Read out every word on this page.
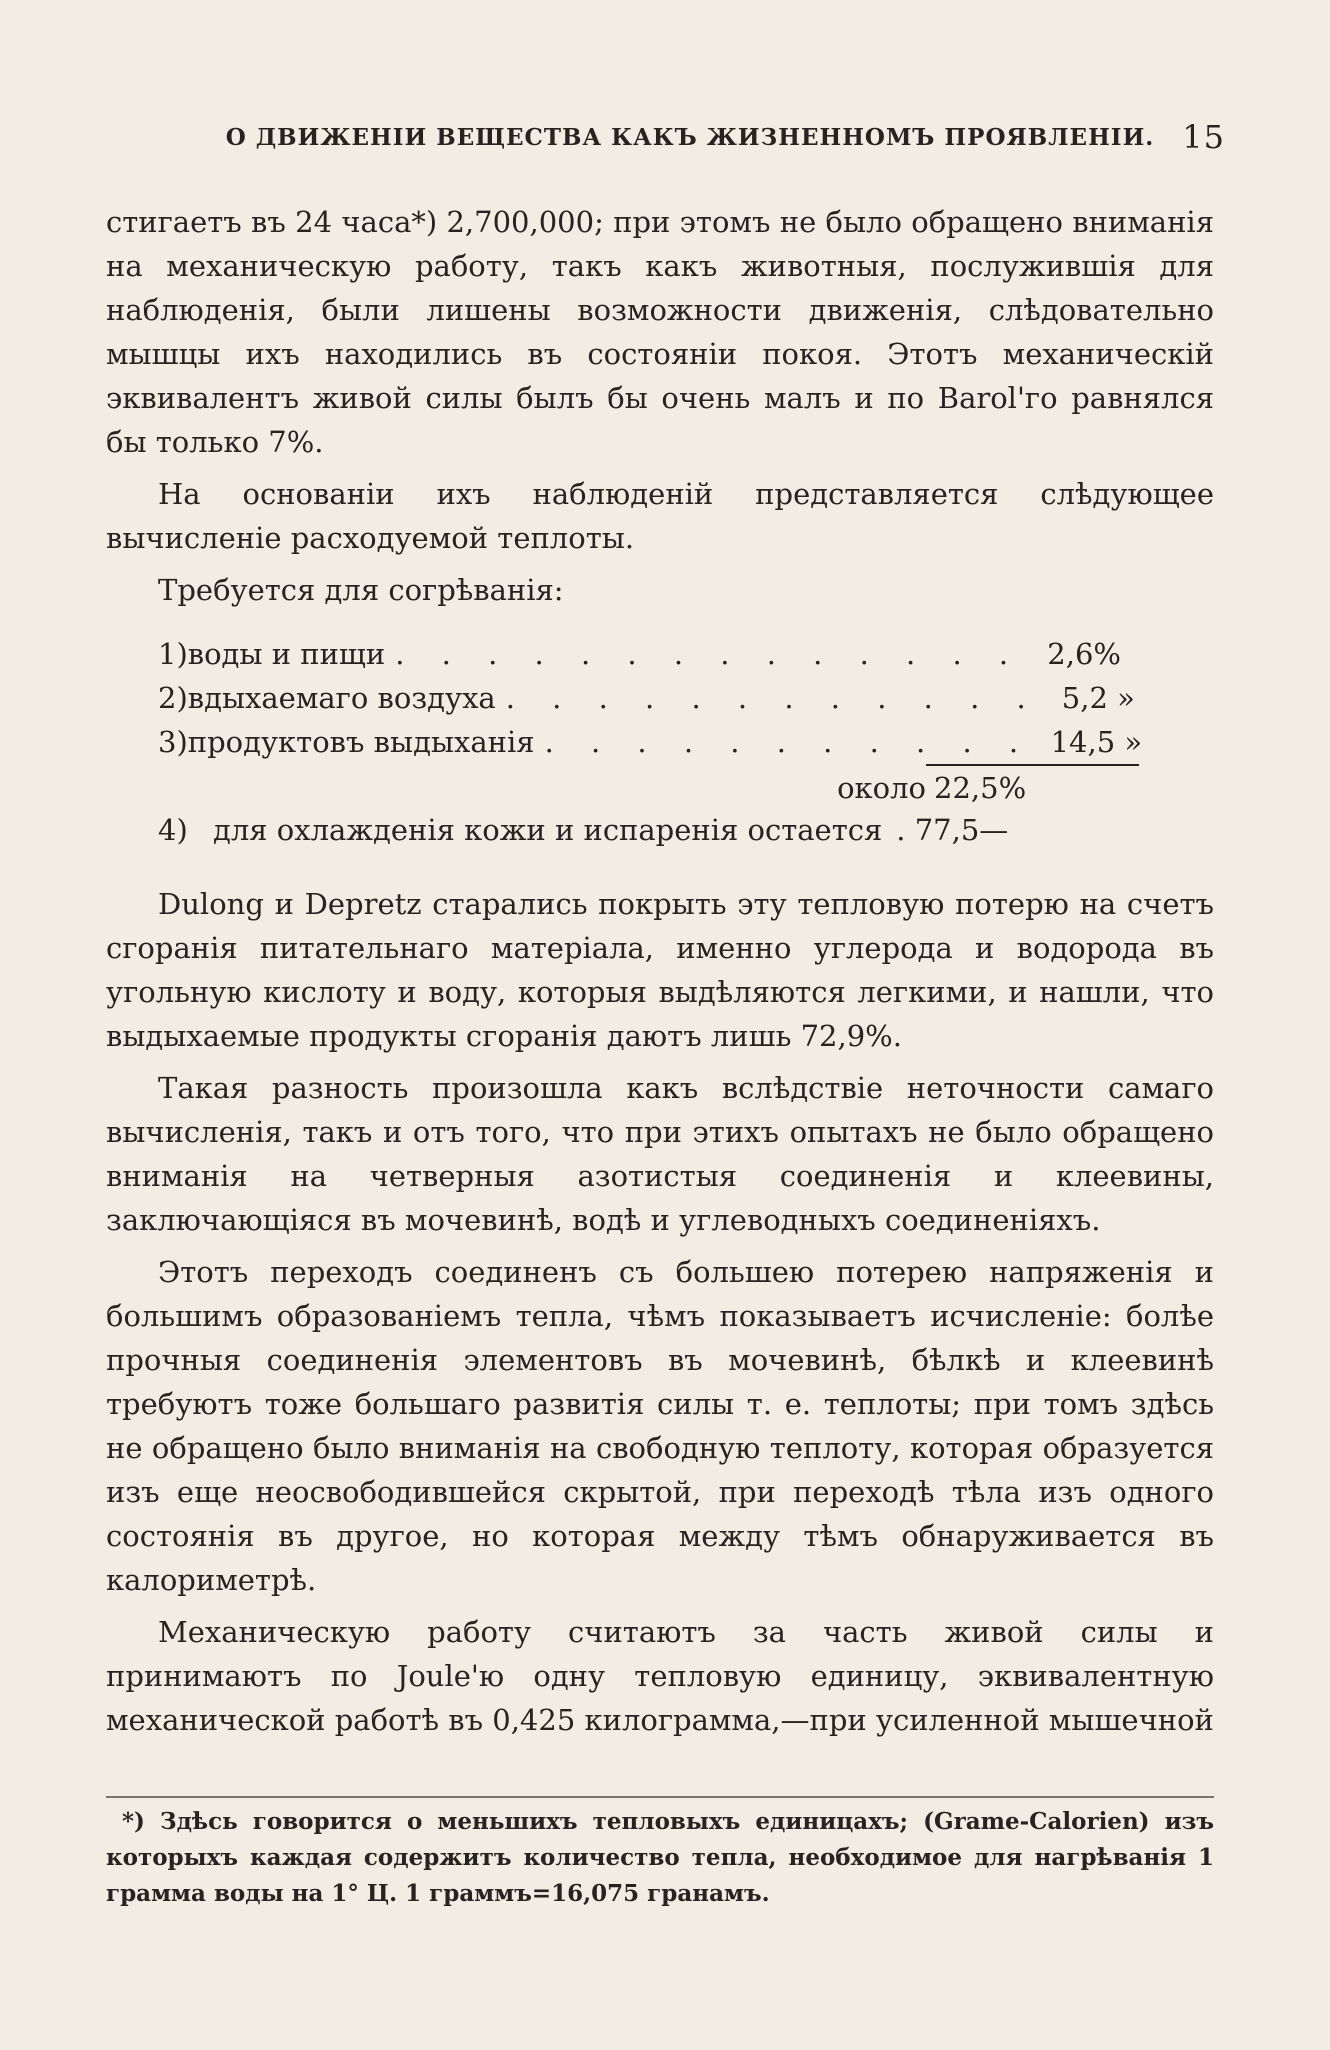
О ДВИЖЕНІИ ВЕЩЕСТВА КАКЪ ЖИЗНЕННОМЪ ПРОЯВЛЕНІИ. 15

стигаетъ въ 24 часа*) 2,700,000; при этомъ не было обращено вниманія на механическую работу, такъ какъ животныя, послужившія для наблюденія, были лишены возможности движенія, слѣдовательно мышцы ихъ находились въ состояніи покоя. Этотъ механическій эквивалентъ живой силы былъ бы очень малъ и по Barol'го равнялся бы только 7%.

На основаніи ихъ наблюденій представляется слѣдующее вычисленіе расходуемой теплоты.

Требуется для согрѣванія:

1) воды и пищи . . .	2,6%
2) вдыхаемаго воздуха . . .	5,2 »
3) продуктовъ выдыханія . . .	14,5 »
около 22,5%
4) для охлажденія кожи и испаренія остается . 77,5—

Dulong и Depretz старались покрыть эту тепловую потерю на счетъ сгоранія питательнаго матеріала, именно углерода и водорода въ угольную кислоту и воду, которыя выдѣляются легкими, и нашли, что выдыхаемые продукты сгоранія даютъ лишь 72,9%.

Такая разность произошла какъ вслѣдствіе неточности самаго вычисленія, такъ и отъ того, что при этихъ опытахъ не было обращено вниманія на четверныя азотистыя соединенія и клеевины, заключающіяся въ мочевинѣ, водѣ и углеводныхъ соединеніяхъ.

Этотъ переходъ соединенъ съ большею потерею напряженія и большимъ образованіемъ тепла, чѣмъ показываетъ исчисленіе: болѣе прочныя соединенія элементовъ въ мочевинѣ, бѣлкѣ и клеевинѣ требуютъ тоже большаго развитія силы т. е. теплоты; при томъ здѣсь не обращено было вниманія на свободную теплоту, которая образуется изъ еще неосвободившейся скрытой, при переходѣ тѣла изъ одного состоянія въ другое, но которая между тѣмъ обнаруживается въ калориметрѣ.

Механическую работу считаютъ за часть живой силы и принимаютъ по Joule'ю одну тепловую единицу, эквивалентную механической работѣ въ 0,425 килограмма,—при усиленной мышечной

*) Здѣсь говорится о меньшихъ тепловыхъ единицахъ; (Grame-Calorien) изъ которыхъ каждая содержитъ количество тепла, необходимое для нагрѣванія 1 грамма воды на 1° Ц. 1 граммъ=16,075 гранамъ.
